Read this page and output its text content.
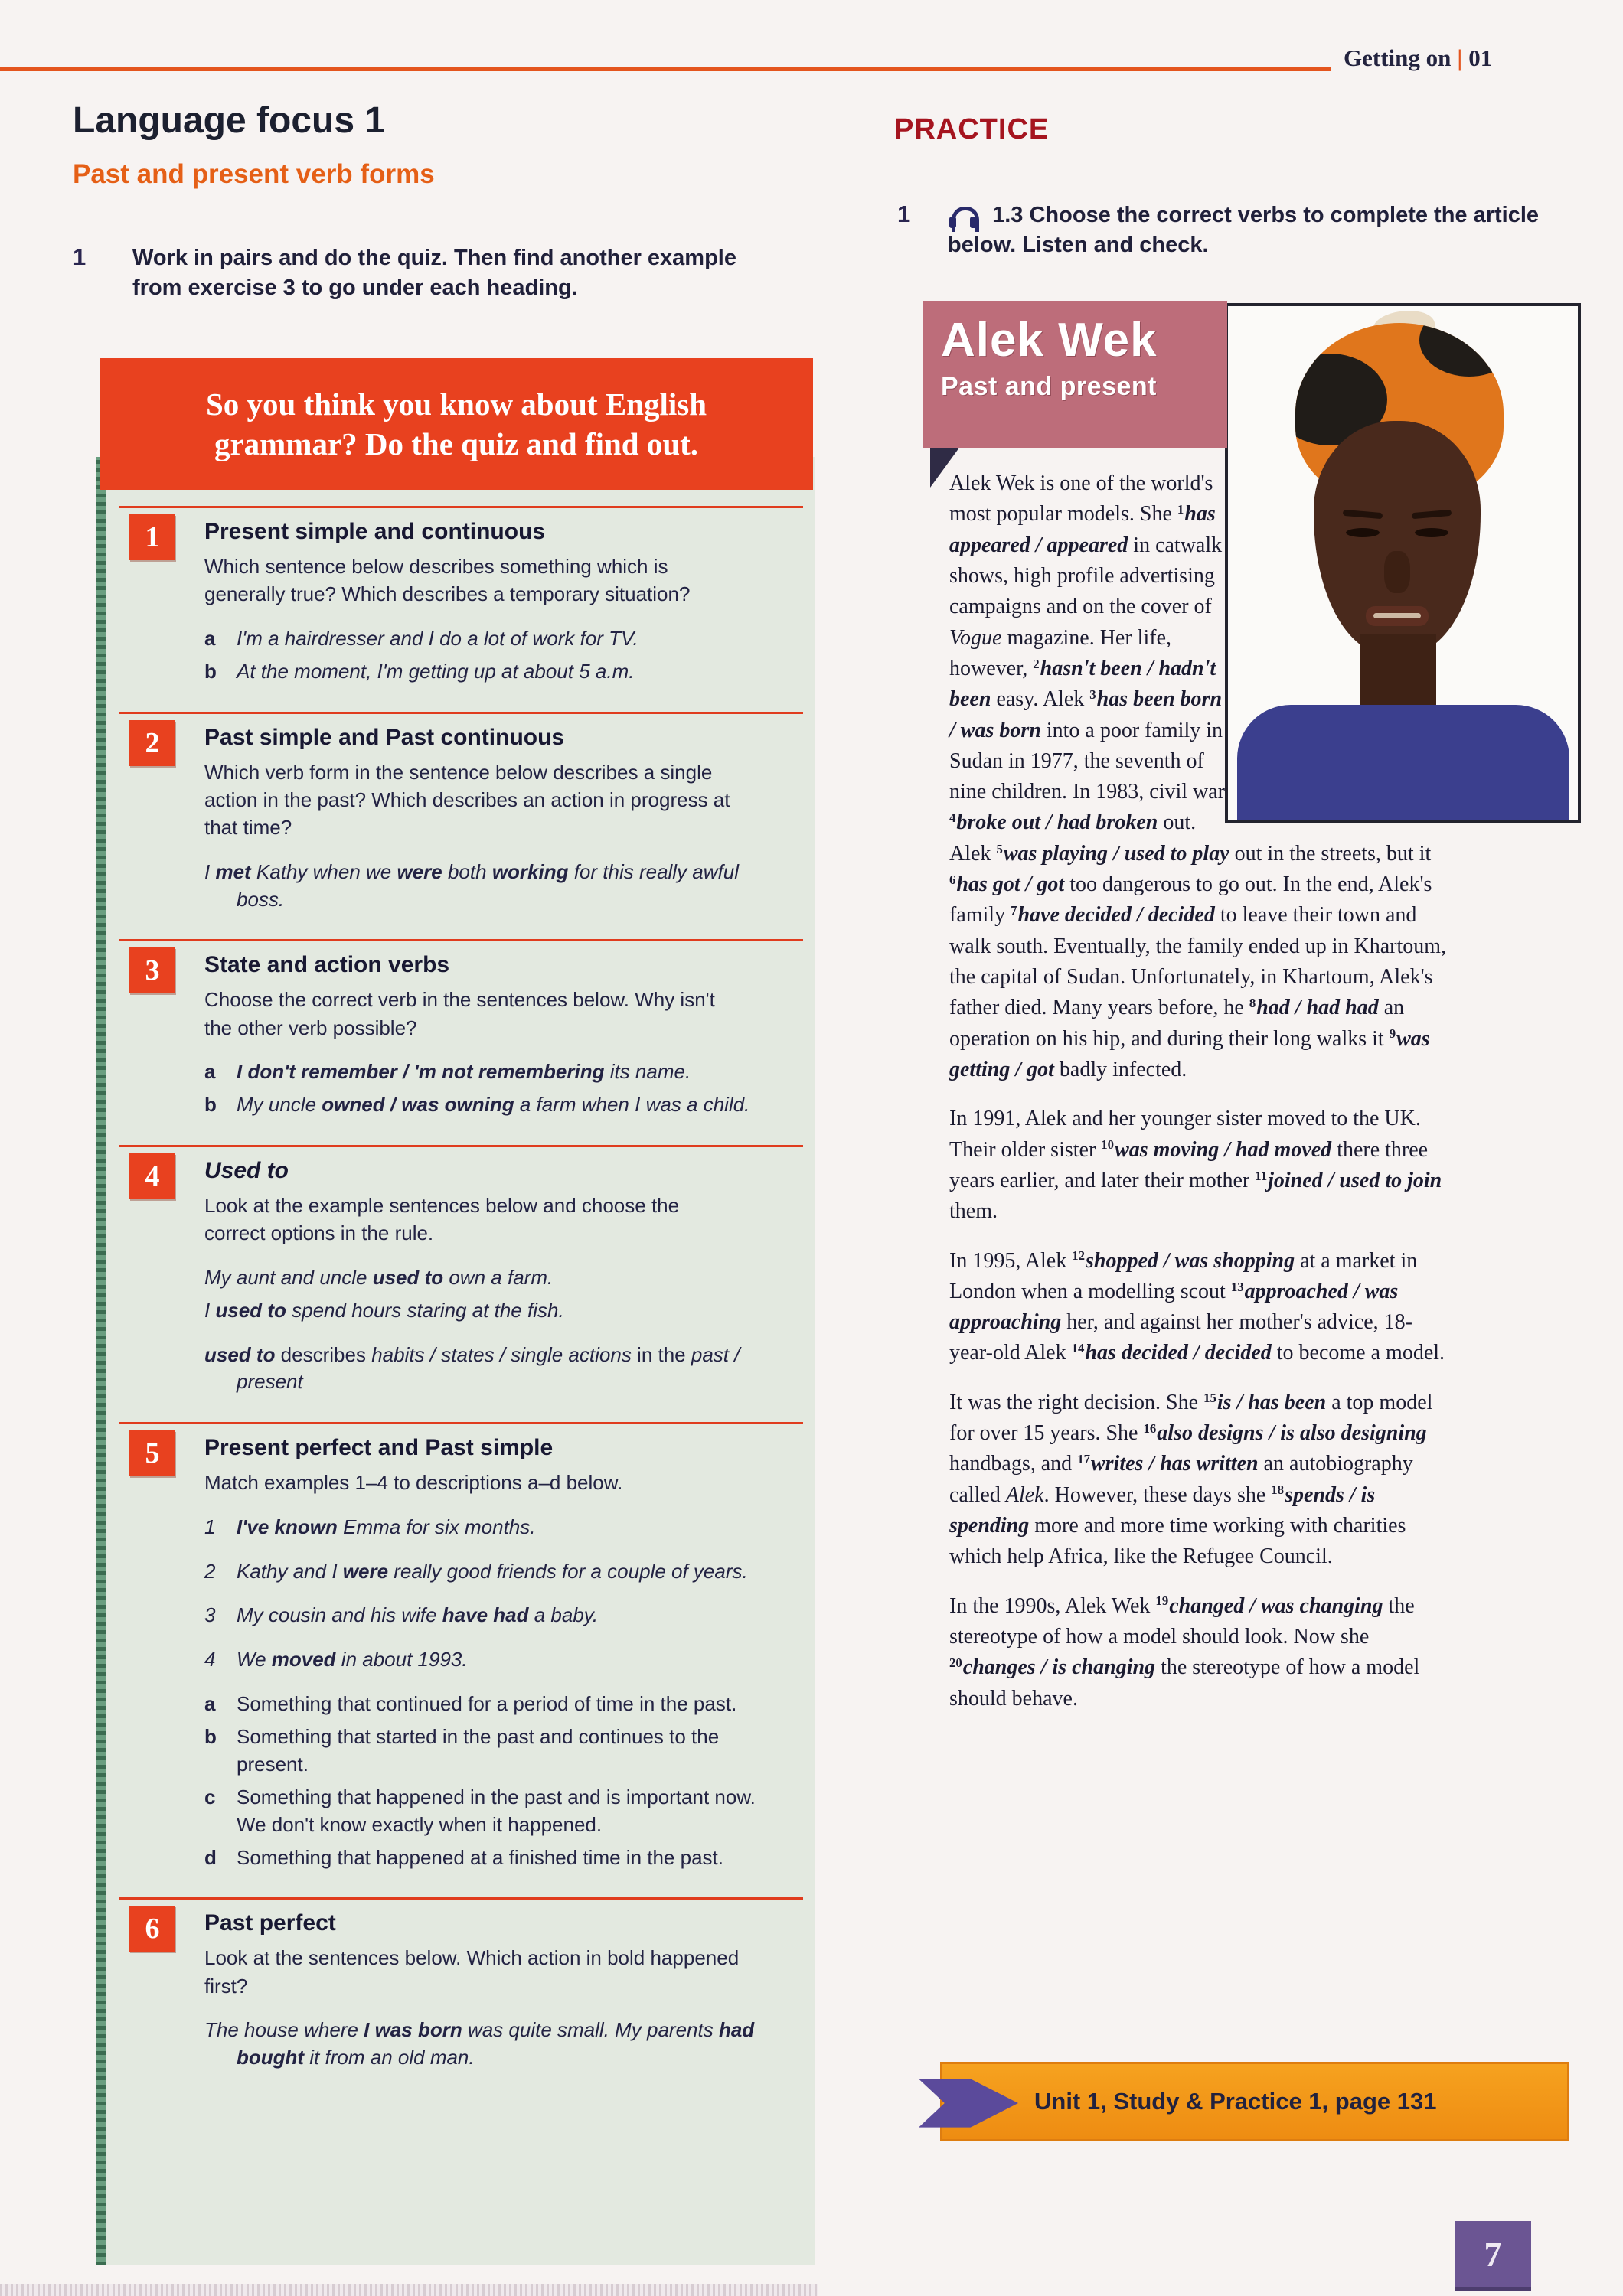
Getting on | 01
Language focus 1
Past and present verb forms
1	Work in pairs and do the quiz. Then find another example from exercise 3 to go under each heading.
So you think you know about English
grammar? Do the quiz and find out.
1	Present simple and continuous

Which sentence below describes something which is generally true? Which describes a temporary situation?

a I'm a hairdresser and I do a lot of work for TV.
b At the moment, I'm getting up at about 5 a.m.
2	Past simple and Past continuous

Which verb form in the sentence below describes a single action in the past? Which describes an action in progress at that time?

I met Kathy when we were both working for this really awful boss.
3	State and action verbs

Choose the correct verb in the sentences below. Why isn't the other verb possible?

a I don't remember / 'm not remembering its name.
b My uncle owned / was owning a farm when I was a child.
4	Used to

Look at the example sentences below and choose the correct options in the rule.

My aunt and uncle used to own a farm.
I used to spend hours staring at the fish.
used to describes habits / states / single actions in the past / present
5	Present perfect and Past simple

Match examples 1–4 to descriptions a–d below.

1 I've known Emma for six months.
2 Kathy and I were really good friends for a couple of years.
3 My cousin and his wife have had a baby.
4 We moved in about 1993.
a Something that continued for a period of time in the past.
b Something that started in the past and continues to the present.
c Something that happened in the past and is important now. We don't know exactly when it happened.
d Something that happened at a finished time in the past.
6	Past perfect

Look at the sentences below. Which action in bold happened first?

The house where I was born was quite small. My parents had bought it from an old man.
PRACTICE
1	1.3 Choose the correct verbs to complete the article below. Listen and check.
Alek Wek
Past and present

Alek Wek is one of the world's most popular models. She $^1$has appeared / appeared in catwalk shows, high profile advertising campaigns and on the cover of Vogue magazine. Her life, however, $^2$hasn't been / hadn't been easy. Alek $^3$has been born / was born into a poor family in Sudan in 1977, the seventh of nine children. In 1983, civil war $^4$broke out / had broken out. Alek $^5$was playing / used to play out in the streets, but it $^6$has got / got too dangerous to go out. In the end, Alek's family $^7$have decided / decided to leave their town and walk south. Eventually, the family ended up in Khartoum, the capital of Sudan. Unfortunately, in Khartoum, Alek's father died. Many years before, he $^8$had / had had an operation on his hip, and during their long walks it $^9$was getting / got badly infected.

In 1991, Alek and her younger sister moved to the UK. Their older sister $^{10}$was moving / had moved there three years earlier, and later their mother $^{11}$joined / used to join them.

In 1995, Alek $^{12}$shopped / was shopping at a market in London when a modelling scout $^{13}$approached / was approaching her, and against her mother's advice, 18-year-old Alek $^{14}$has decided / decided to become a model.

It was the right decision. She $^{15}$is / has been a top model for over 15 years. She $^{16}$also designs / is also designing handbags, and $^{17}$writes / has written an autobiography called Alek. However, these days she $^{18}$spends / is spending more and more time working with charities which help Africa, like the Refugee Council.

In the 1990s, Alek Wek $^{19}$changed / was changing the stereotype of how a model should look. Now she $^{20}$changes / is changing the stereotype of how a model should behave.

Unit 1, Study & Practice 1, page 131
7
